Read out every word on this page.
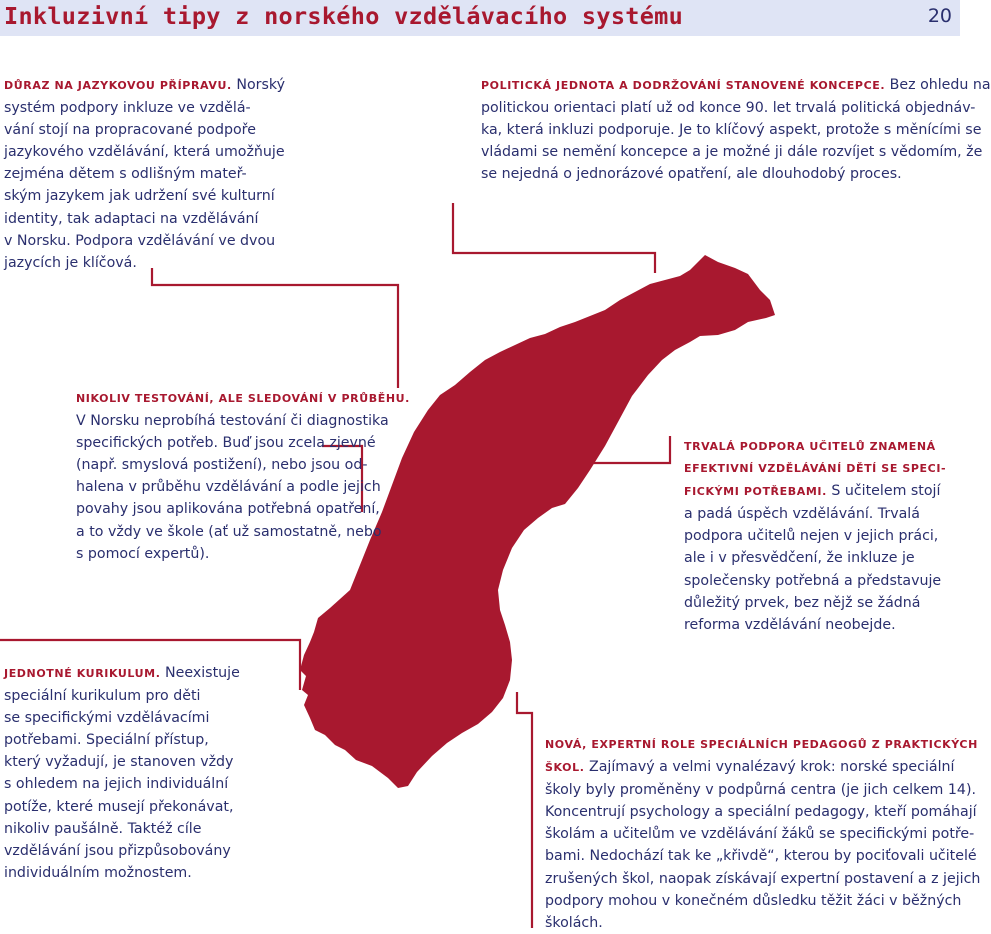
Inkluzivní tipy z norského vzdělávacího systému	20
DŮRAZ NA JAZYKOVOU PŘÍPRAVU. Norský
systém podpory inkluze ve vzdělá-
vání stojí na propracované podpoře
jazykového vzdělávání, která umožňuje
zejména dětem s odlišným mateř-
ským jazykem jak udržení své kulturní
identity, tak adaptaci na vzdělávání
v Norsku. Podpora vzdělávání ve dvou
jazycích je klíčová.
POLITICKÁ JEDNOTA A DODRŽOVÁNÍ STANOVENÉ KONCEPCE. Bez ohledu na
politickou orientaci platí už od konce 90. let trvalá politická objednáv-
ka, která inkluzi podporuje. Je to klíčový aspekt, protože s měnícími se
vládami se nemění koncepce a je možné ji dále rozvíjet s vědomím, že
se nejedná o jednorázové opatření, ale dlouhodobý proces.
NIKOLIV TESTOVÁNÍ, ALE SLEDOVÁNÍ V PRŮBĚHU.
V Norsku neprobíhá testování či diagnostika
specifických potřeb. Buď jsou zcela zjevné
(např. smyslová postižení), nebo jsou od-
halena v průběhu vzdělávání a podle jejich
povahy jsou aplikována potřebná opatření,
a to vždy ve škole (ať už samostatně, nebo
s pomocí expertů).
TRVALÁ PODPORA UČITELŮ ZNAMENÁ
EFEKTIVNÍ VZDĚLÁVÁNÍ DĚTÍ SE SPECI-
FICKÝMI POTŘEBAMI. S učitelem stojí
a padá úspěch vzdělávání. Trvalá
podpora učitelů nejen v jejich práci,
ale i v přesvědčení, že inkluze je
společensky potřebná a představuje
důležitý prvek, bez nějž se žádná
reforma vzdělávání neobejde.
JEDNOTNÉ KURIKULUM. Neexistuje
speciální kurikulum pro děti
se specifickými vzdělávacími
potřebami. Speciální přístup,
který vyžadují, je stanoven vždy
s ohledem na jejich individuální
potíže, které musejí překonávat,
nikoliv paušálně. Taktéž cíle
vzdělávání jsou přizpůsobovány
individuálním možnostem.
NOVÁ, EXPERTNÍ ROLE SPECIÁLNÍCH PEDAGOGŮ Z PRAKTICKÝCH
ŠKOL. Zajímavý a velmi vynalézavý krok: norské speciální
školy byly proměněny v podpůrná centra (je jich celkem 14).
Koncentrují psychology a speciální pedagogy, kteří pomáhají
školám a učitelům ve vzdělávání žáků se specifickými potře-
bami. Nedochází tak ke „křivdě“, kterou by pociťovali učitelé
zrušených škol, naopak získávají expertní postavení a z jejich
podpory mohou v konečném důsledku těžit žáci v běžných
školách.
